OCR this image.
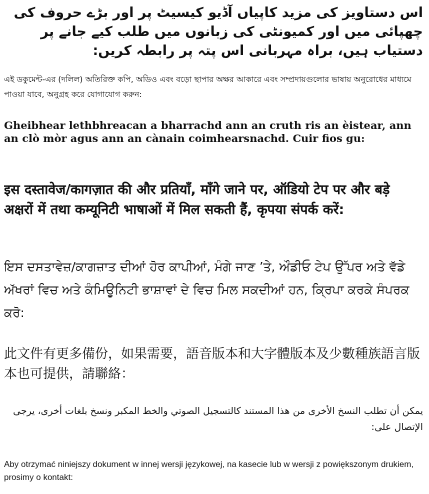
اس دستاویز کی مزید کاپیاں آڈیو کیسیٹ پر اور بڑے حروف کی چھپائی میں اور کمیونٹی کی زبانوں میں طلب کیے جانے پر دستیاب ہیں، براہ مہربانی اس پتہ پر رابطہ کریں:

এই ডকুমেন্ট-এর (দলিল) অতিরিক্ত কপি, অডিও এবং বড়ো ছাপার অক্ষর আকারে এবং সম্প্রদায়গুলোর ভাষায় অনুরোধের মাধ্যমে পাওয়া যাবে, অনুগ্রহ করে যোগাযোগ করুন:

Gheibhear lethbhreacan a bharrachd ann an cruth ris an èistear, ann an clò mòr agus ann an cànain coimhearsnachd. Cuir fios gu:

इस दस्तावेज/कागज़ात की और प्रतियाँ, माँगे जाने पर, ऑडियो टेप पर और बड़े अक्षरों में तथा कम्यूनिटी भाषाओं में मिल सकती हैं, कृपया संपर्क करें:

ਇਸ ਦਸਤਾਵੇਜ਼/ਕਾਗਜ਼ਾਤ ਦੀਆਂ ਹੋਰ ਕਾਪੀਆਂ, ਮੰਗੇ ਜਾਣ ’ਤੇ, ਔਡੀਓ ਟੇਪ ਉੱਪਰ ਅਤੇ ਵੱਡੇ ਅੱਖਰਾਂ ਵਿਚ ਅਤੇ ਕੰਮਿਊਨਿਟੀ ਭਾਸ਼ਾਵਾਂ ਦੇ ਵਿਚ ਮਿਲ ਸਕਦੀਆਂ ਹਨ, ਕ੍ਰਿਪਾ ਕਰਕੇ ਸੰਪਰਕ ਕਰੋ:

此文件有更多備份，如果需要，語音版本和大字體版本及少數種族語言版本也可提供，請聯絡：

يمكن أن تطلب النسخ الأخرى من هذا المستند كالتسجيل الصوتي والخط المكبر ونسخ بلغات أخرى، يرجى الإتصال على:

Aby otrzymać niniejszy dokument w innej wersji językowej, na kasecie lub w wersji z powiększonym drukiem, prosimy o kontakt:
